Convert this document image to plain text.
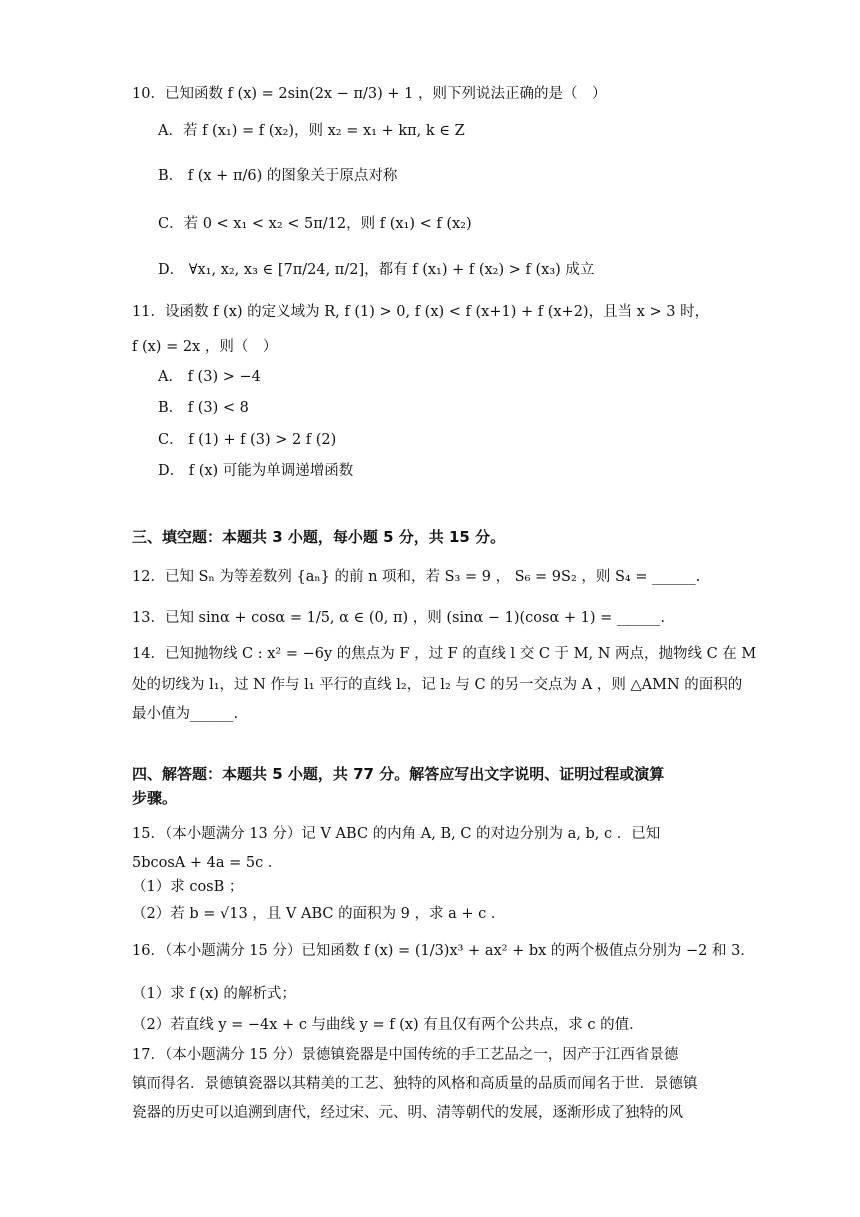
10．已知函数 f (x) = 2sin(2x − π/3) + 1 ，则下列说法正确的是（　）
A．若 f (x₁) = f (x₂)，则 x₂ = x₁ + kπ, k ∈ Z
B． f (x + π/6) 的图象关于原点对称
C．若 0 < x₁ < x₂ < 5π/12，则 f (x₁) < f (x₂)
D． ∀x₁, x₂, x₃ ∈ [7π/24, π/2]，都有 f (x₁) + f (x₂) > f (x₃) 成立
11．设函数 f (x) 的定义域为 R, f (1) > 0, f (x) < f (x+1) + f (x+2)，且当 x > 3 时，
f (x) = 2x ，则（　）
A． f (3) > −4
B． f (3) < 8
C． f (1) + f (3) > 2 f (2)
D． f (x) 可能为单调递增函数
三、填空题：本题共 3 小题，每小题 5 分，共 15 分。
12．已知 Sₙ 为等差数列 {aₙ} 的前 n 项和，若 S₃ = 9 ， S₆ = 9S₂ ，则 S₄ = ______.
13．已知 sinα + cosα = 1/5, α ∈ (0, π) ，则 (sinα − 1)(cosα + 1) = ______.
14．已知抛物线 C : x² = −6y 的焦点为 F ，过 F 的直线 l 交 C 于 M, N 两点，抛物线 C 在 M
处的切线为 l₁，过 N 作与 l₁ 平行的直线 l₂，记 l₂ 与 C 的另一交点为 A ，则 △AMN 的面积的
最小值为______.
四、解答题：本题共 5 小题，共 77 分。解答应写出文字说明、证明过程或演算
步骤。
15．（本小题满分 13 分）记 V ABC 的内角 A, B, C 的对边分别为 a, b, c ．已知
5bcosA + 4a = 5c ．
（1）求 cosB ；
（2）若 b = √13 ，且 V ABC 的面积为 9 ，求 a + c ．
16．（本小题满分 15 分）已知函数 f (x) = (1/3)x³ + ax² + bx 的两个极值点分别为 −2 和 3．
（1）求 f (x) 的解析式；
（2）若直线 y = −4x + c 与曲线 y = f (x) 有且仅有两个公共点，求 c 的值．
17．（本小题满分 15 分）景德镇瓷器是中国传统的手工艺品之一，因产于江西省景德
镇而得名．景德镇瓷器以其精美的工艺、独特的风格和高质量的品质而闻名于世．景德镇
瓷器的历史可以追溯到唐代，经过宋、元、明、清等朝代的发展，逐渐形成了独特的风
